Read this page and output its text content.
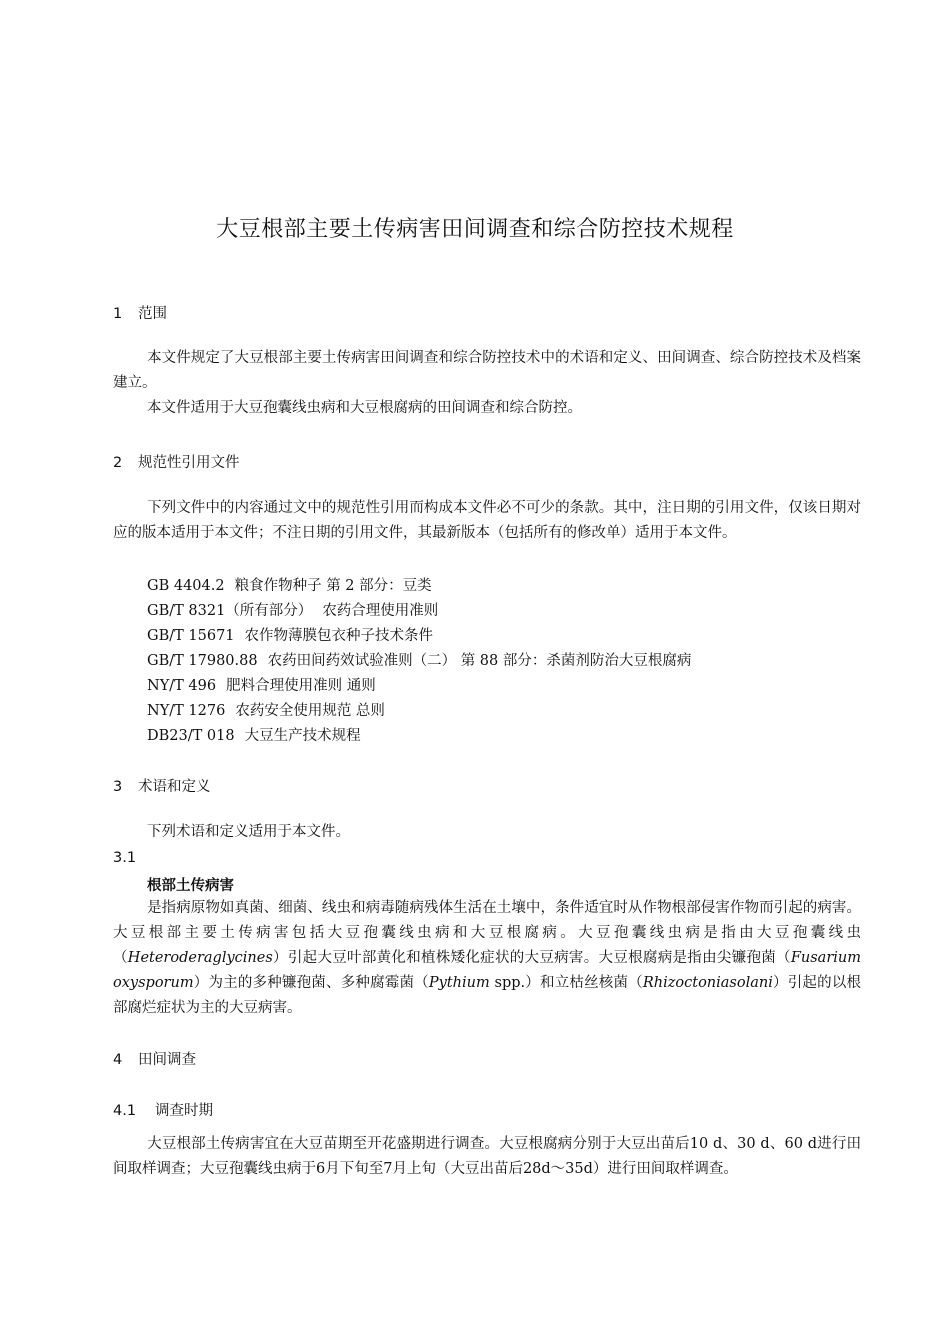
大豆根部主要土传病害田间调查和综合防控技术规程
1 范围
本文件规定了大豆根部主要土传病害田间调查和综合防控技术中的术语和定义、田间调查、综合防控技术及档案建立。
本文件适用于大豆孢囊线虫病和大豆根腐病的田间调查和综合防控。
2 规范性引用文件
下列文件中的内容通过文中的规范性引用而构成本文件必不可少的条款。其中，注日期的引用文件，仅该日期对应的版本适用于本文件；不注日期的引用文件，其最新版本（包括所有的修改单）适用于本文件。
GB 4404.2 粮食作物种子 第 2 部分：豆类
GB/T 8321（所有部分） 农药合理使用准则
GB/T 15671 农作物薄膜包衣种子技术条件
GB/T 17980.88 农药田间药效试验准则（二） 第 88 部分：杀菌剂防治大豆根腐病
NY/T 496 肥料合理使用准则 通则
NY/T 1276 农药安全使用规范 总则
DB23/T 018 大豆生产技术规程
3 术语和定义
下列术语和定义适用于本文件。
3.1
根部土传病害
是指病原物如真菌、细菌、线虫和病毒随病残体生活在土壤中，条件适宜时从作物根部侵害作物而引起的病害。大豆根部主要土传病害包括大豆孢囊线虫病和大豆根腐病。大豆孢囊线虫病是指由大豆孢囊线虫（Heteroderaglycines）引起大豆叶部黄化和植株矮化症状的大豆病害。大豆根腐病是指由尖镰孢菌（Fusarium oxysporum）为主的多种镰孢菌、多种腐霉菌（Pythium spp.）和立枯丝核菌（Rhizoctoniasolani）引起的以根部腐烂症状为主的大豆病害。
4 田间调查
4.1 调查时期
大豆根部土传病害宜在大豆苗期至开花盛期进行调查。大豆根腐病分别于大豆出苗后10 d、30 d、60 d进行田间取样调查；大豆孢囊线虫病于6月下旬至7月上旬（大豆出苗后28d～35d）进行田间取样调查。
